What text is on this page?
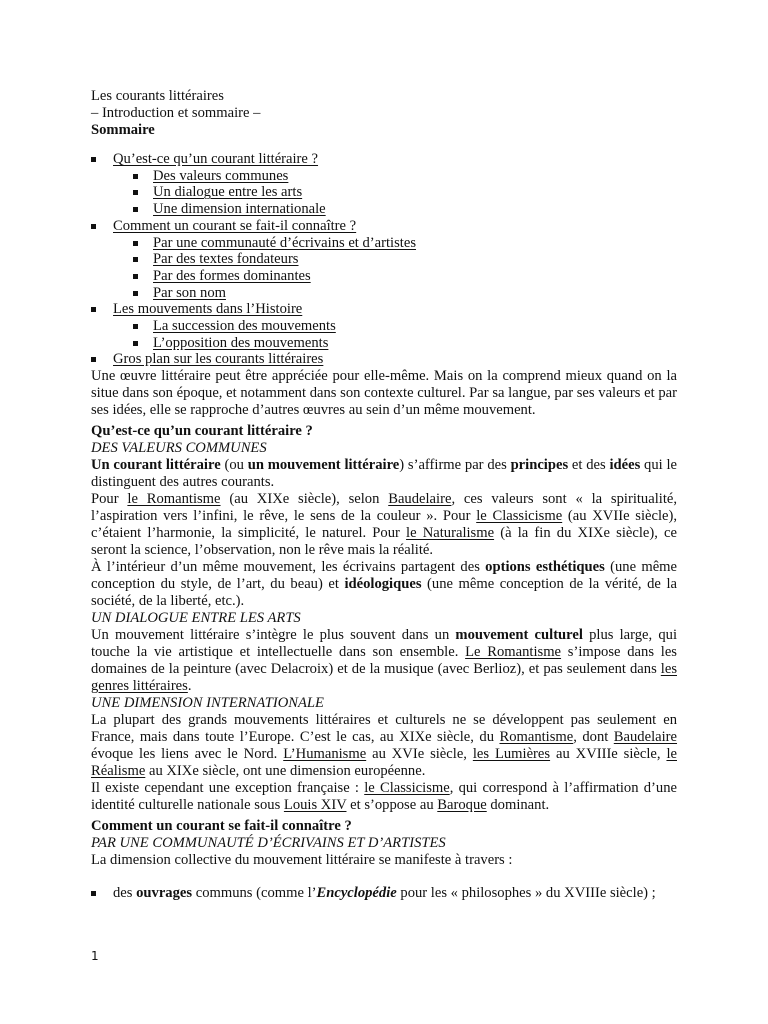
Les courants littéraires
– Introduction et sommaire –
Sommaire
Qu’est-ce qu’un courant littéraire ?
Des valeurs communes
Un dialogue entre les arts
Une dimension internationale
Comment un courant se fait-il connaître ?
Par une communauté d’écrivains et d’artistes
Par des textes fondateurs
Par des formes dominantes
Par son nom
Les mouvements dans l’Histoire
La succession des mouvements
L’opposition des mouvements
Gros plan sur les courants littéraires

Une œuvre littéraire peut être appréciée pour elle-même. Mais on la comprend mieux quand on la situe dans son époque, et notamment dans son contexte culturel. Par sa langue, par ses valeurs et par ses idées, elle se rapproche d’autres œuvres au sein d’un même mouvement.

Qu’est-ce qu’un courant littéraire ?
DES VALEURS COMMUNES

Un courant littéraire (ou un mouvement littéraire) s’affirme par des principes et des idées qui le distinguent des autres courants.

Pour le Romantisme (au XIXe siècle), selon Baudelaire, ces valeurs sont « la spiritualité, l’aspiration vers l’infini, le rêve, le sens de la couleur ». Pour le Classicisme (au XVIIe siècle), c’étaient l’harmonie, la simplicité, le naturel. Pour le Naturalisme (à la fin du XIXe siècle), ce seront la science, l’observation, non le rêve mais la réalité.

À l’intérieur d’un même mouvement, les écrivains partagent des options esthétiques (une même conception du style, de l’art, du beau) et idéologiques (une même conception de la vérité, de la société, de la liberté, etc.).

UN DIALOGUE ENTRE LES ARTS

Un mouvement littéraire s’intègre le plus souvent dans un mouvement culturel plus large, qui touche la vie artistique et intellectuelle dans son ensemble. Le Romantisme s’impose dans les domaines de la peinture (avec Delacroix) et de la musique (avec Berlioz), et pas seulement dans les genres littéraires.

UNE DIMENSION INTERNATIONALE

La plupart des grands mouvements littéraires et culturels ne se développent pas seulement en France, mais dans toute l’Europe. C’est le cas, au XIXe siècle, du Romantisme, dont Baudelaire évoque les liens avec le Nord. L’Humanisme au XVIe siècle, les Lumières au XVIIIe siècle, le Réalisme au XIXe siècle, ont une dimension européenne.

Il existe cependant une exception française : le Classicisme, qui correspond à l’affirmation d’une identité culturelle nationale sous Louis XIV et s’oppose au Baroque dominant.

Comment un courant se fait-il connaître ?
PAR UNE COMMUNAUTÉ D’ÉCRIVAINS ET D’ARTISTES

La dimension collective du mouvement littéraire se manifeste à travers :

des ouvrages communs (comme l’Encyclopédie pour les « philosophes » du XVIIIe siècle) ;
1
